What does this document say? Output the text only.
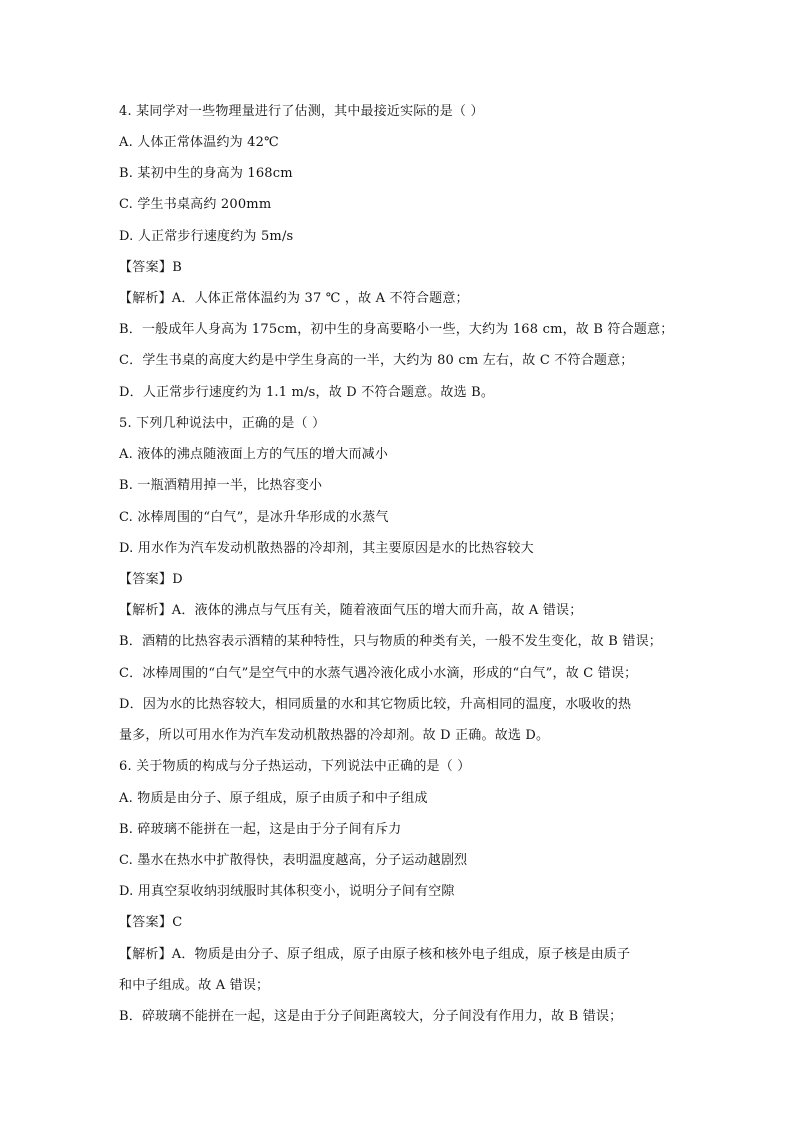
4. 某同学对一些物理量进行了估测，其中最接近实际的是（ ）
A. 人体正常体温约为 42℃
B. 某初中生的身高为 168cm
C. 学生书桌高约 200mm
D. 人正常步行速度约为 5m/s
【答案】B
【解析】A．人体正常体温约为 37 ℃ ，故 A 不符合题意；
B．一般成年人身高为 175cm，初中生的身高要略小一些，大约为 168 cm，故 B 符合题意；
C．学生书桌的高度大约是中学生身高的一半，大约为 80 cm 左右，故 C 不符合题意；
D．人正常步行速度约为 1.1 m/s，故 D 不符合题意。故选 B。
5. 下列几种说法中，正确的是（ ）
A. 液体的沸点随液面上方的气压的增大而减小
B. 一瓶酒精用掉一半，比热容变小
C. 冰棒周围的“白气”，是冰升华形成的水蒸气
D. 用水作为汽车发动机散热器的冷却剂，其主要原因是水的比热容较大
【答案】D
【解析】A．液体的沸点与气压有关，随着液面气压的增大而升高，故 A 错误；
B．酒精的比热容表示酒精的某种特性，只与物质的种类有关，一般不发生变化，故 B 错误；
C．冰棒周围的“白气”是空气中的水蒸气遇冷液化成小水滴，形成的“白气”，故 C 错误；
D．因为水的比热容较大，相同质量的水和其它物质比较，升高相同的温度，水吸收的热
量多，所以可用水作为汽车发动机散热器的冷却剂。故 D 正确。故选 D。
6. 关于物质的构成与分子热运动，下列说法中正确的是（ ）
A. 物质是由分子、原子组成，原子由质子和中子组成
B. 碎玻璃不能拼在一起，这是由于分子间有斥力
C. 墨水在热水中扩散得快，表明温度越高，分子运动越剧烈
D. 用真空泵收纳羽绒服时其体积变小，说明分子间有空隙
【答案】C
【解析】A．物质是由分子、原子组成，原子由原子核和核外电子组成，原子核是由质子
和中子组成。故 A 错误；
B．碎玻璃不能拼在一起，这是由于分子间距离较大，分子间没有作用力，故 B 错误；
